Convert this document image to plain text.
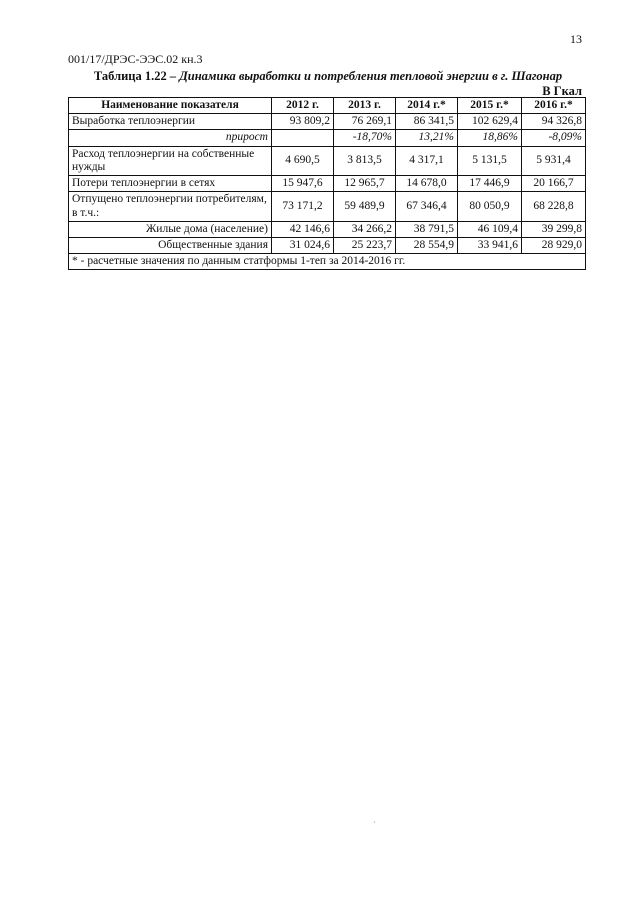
13
001/17/ДРЭС-ЭЭС.02 кн.3
Таблица 1.22 – Динамика выработки и потребления тепловой энергии в г. Шагонар
В Гкал
Наименование показателя	2012 г.	2013 г.	2014 г.*	2015 г.*	2016 г.*
Выработка теплоэнергии	93 809,2	76 269,1	86 341,5	102 629,4	94 326,8
прирост		-18,70%	13,21%	18,86%	-8,09%
Расход теплоэнергии на собственные нужды	4 690,5	3 813,5	4 317,1	5 131,5	5 931,4
Потери теплоэнергии в сетях	15 947,6	12 965,7	14 678,0	17 446,9	20 166,7
Отпущено теплоэнергии потребителям, в т.ч.:	73 171,2	59 489,9	67 346,4	80 050,9	68 228,8
Жилые дома (население)	42 146,6	34 266,2	38 791,5	46 109,4	39 299,8
Общественные здания	31 024,6	25 223,7	28 554,9	33 941,6	28 929,0
* - расчетные значения по данным статформы 1-теп за 2014-2016 гг.					
·
